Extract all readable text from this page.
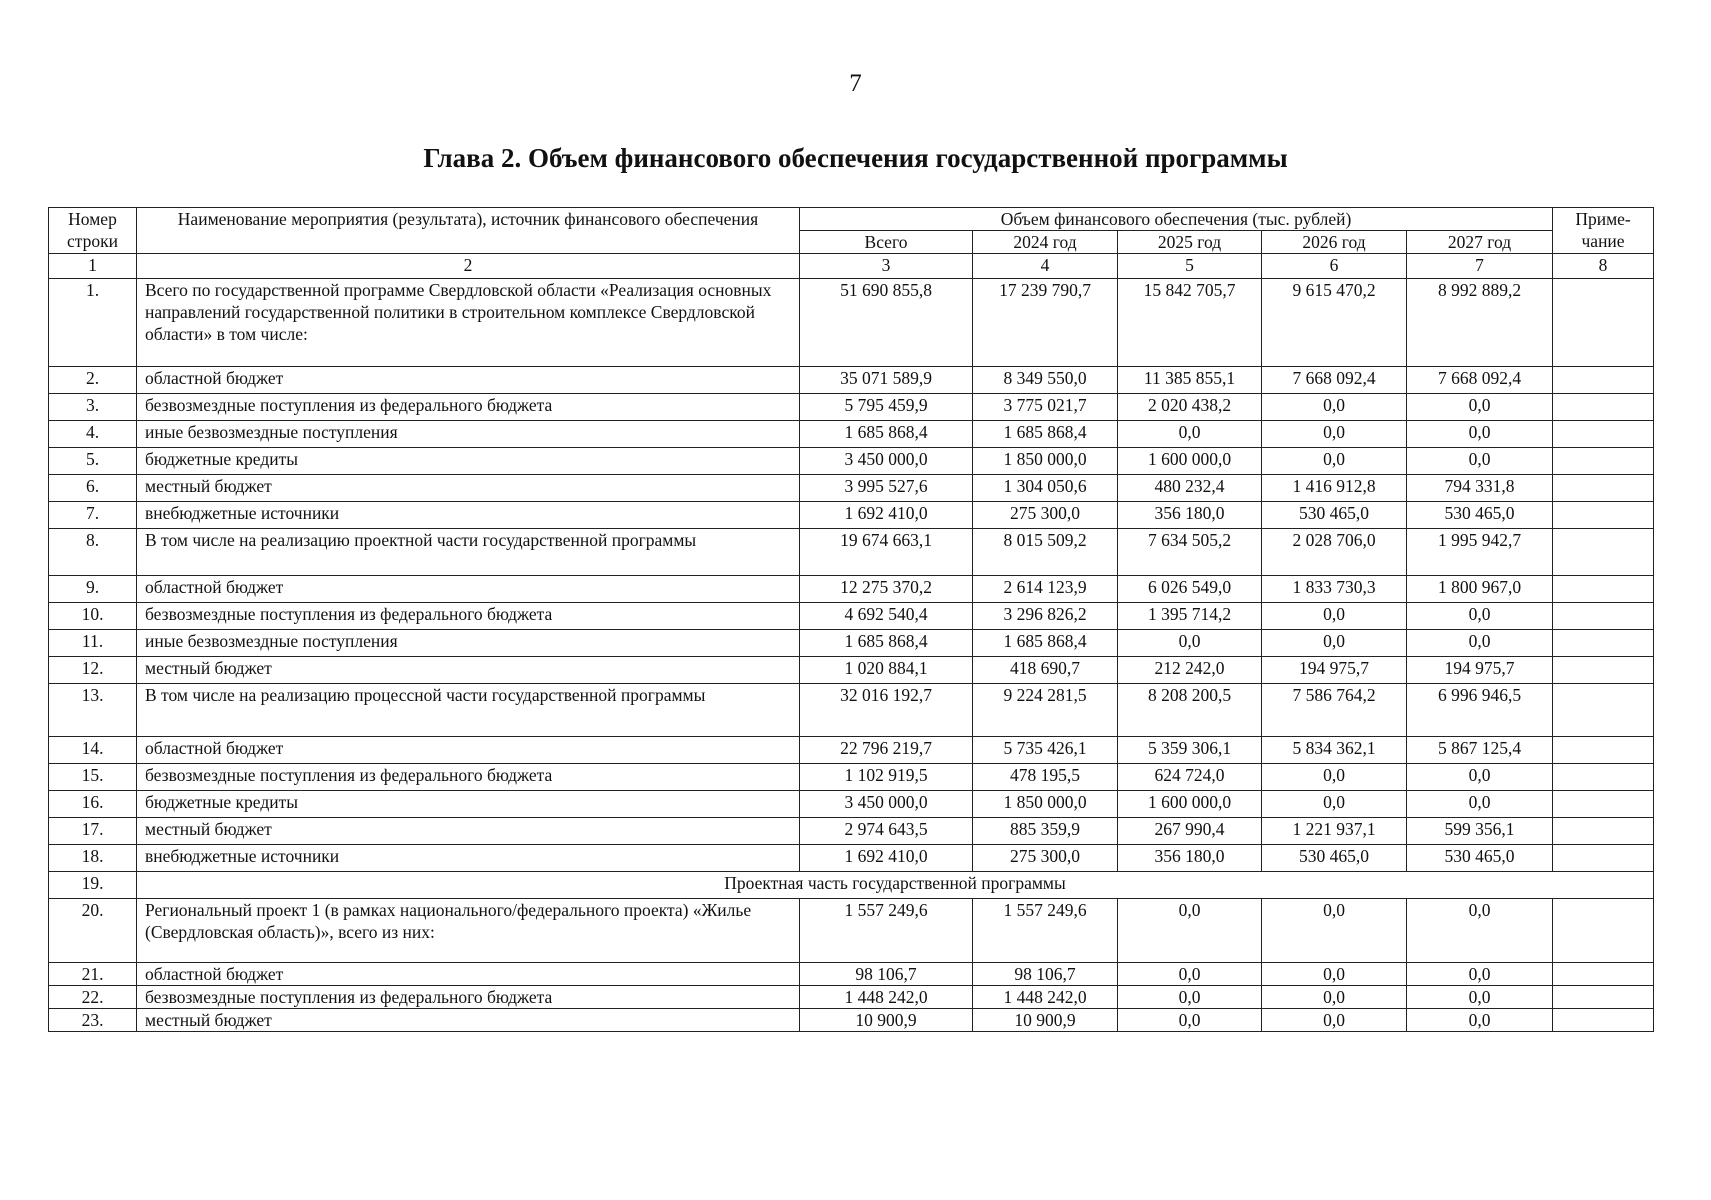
7
Глава 2. Объем финансового обеспечения государственной программы
Номер строки	Наименование мероприятия (результата), источник финансового обеспечения	Объем финансового обеспечения (тыс. рублей)					Приме-чание
		Всего	2024 год	2025 год	2026 год	2027 год	
1	2	3	4	5	6	7	8
1.	Всего по государственной программе Свердловской области «Реализация основных направлений государственной политики в строительном комплексе Свердловской области» в том числе:	51 690 855,8	17 239 790,7	15 842 705,7	9 615 470,2	8 992 889,2	
2.	областной бюджет	35 071 589,9	8 349 550,0	11 385 855,1	7 668 092,4	7 668 092,4	
3.	безвозмездные поступления из федерального бюджета	5 795 459,9	3 775 021,7	2 020 438,2	0,0	0,0	
4.	иные безвозмездные поступления	1 685 868,4	1 685 868,4	0,0	0,0	0,0	
5.	бюджетные кредиты	3 450 000,0	1 850 000,0	1 600 000,0	0,0	0,0	
6.	местный бюджет	3 995 527,6	1 304 050,6	480 232,4	1 416 912,8	794 331,8	
7.	внебюджетные источники	1 692 410,0	275 300,0	356 180,0	530 465,0	530 465,0	
8.	В том числе на реализацию проектной части государственной программы	19 674 663,1	8 015 509,2	7 634 505,2	2 028 706,0	1 995 942,7	
9.	областной бюджет	12 275 370,2	2 614 123,9	6 026 549,0	1 833 730,3	1 800 967,0	
10.	безвозмездные поступления из федерального бюджета	4 692 540,4	3 296 826,2	1 395 714,2	0,0	0,0	
11.	иные безвозмездные поступления	1 685 868,4	1 685 868,4	0,0	0,0	0,0	
12.	местный бюджет	1 020 884,1	418 690,7	212 242,0	194 975,7	194 975,7	
13.	В том числе на реализацию процессной части государственной программы	32 016 192,7	9 224 281,5	8 208 200,5	7 586 764,2	6 996 946,5	
14.	областной бюджет	22 796 219,7	5 735 426,1	5 359 306,1	5 834 362,1	5 867 125,4	
15.	безвозмездные поступления из федерального бюджета	1 102 919,5	478 195,5	624 724,0	0,0	0,0	
16.	бюджетные кредиты	3 450 000,0	1 850 000,0	1 600 000,0	0,0	0,0	
17.	местный бюджет	2 974 643,5	885 359,9	267 990,4	1 221 937,1	599 356,1	
18.	внебюджетные источники	1 692 410,0	275 300,0	356 180,0	530 465,0	530 465,0	
19.	Проектная часть государственной программы						
20.	Региональный проект 1 (в рамках национального/федерального проекта) «Жилье (Свердловская область)», всего из них:	1 557 249,6	1 557 249,6	0,0	0,0	0,0	
21.	областной бюджет	98 106,7	98 106,7	0,0	0,0	0,0	
22.	безвозмездные поступления из федерального бюджета	1 448 242,0	1 448 242,0	0,0	0,0	0,0	
23.	местный бюджет	10 900,9	10 900,9	0,0	0,0	0,0	
